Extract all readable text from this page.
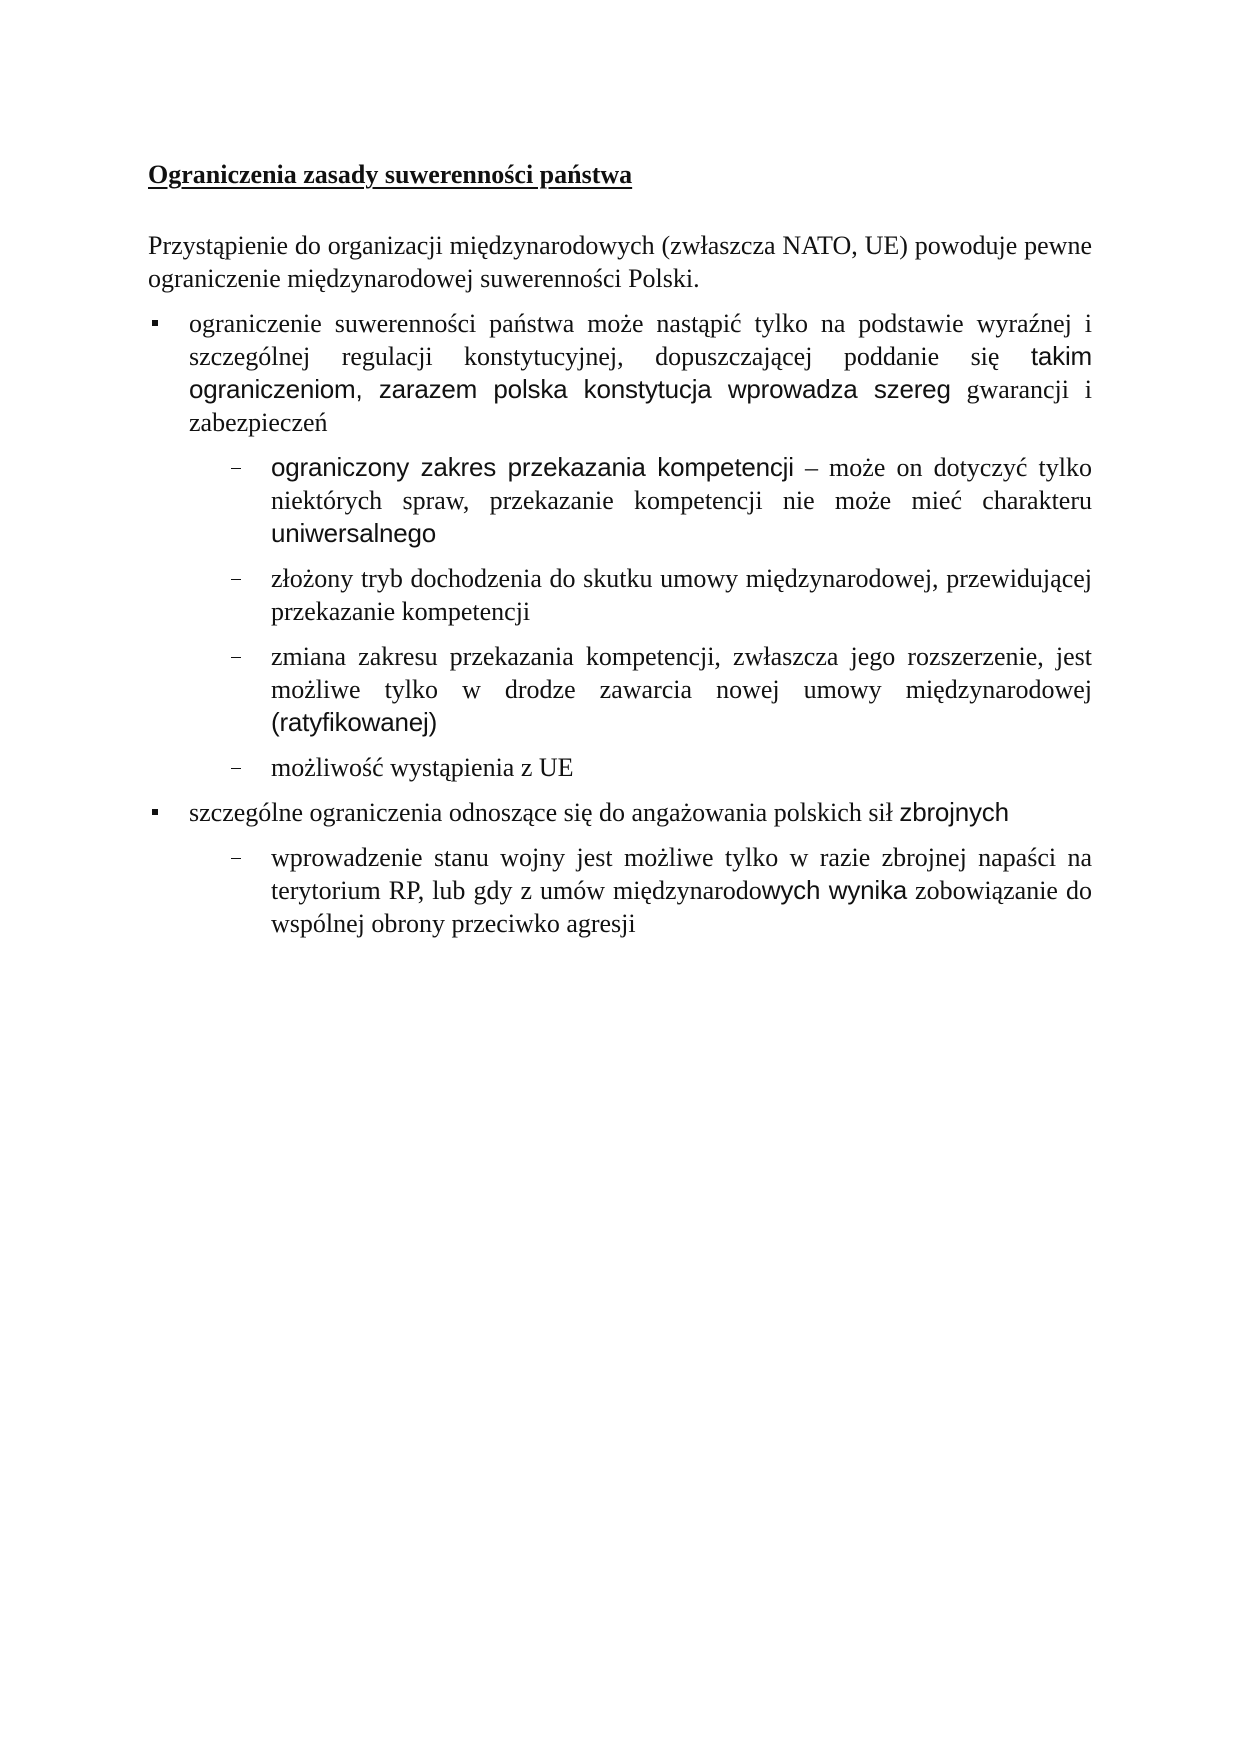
Ograniczenia zasady suwerenności państwa
Przystąpienie do organizacji międzynarodowych (zwłaszcza NATO, UE) powoduje pewne ograniczenie międzynarodowej suwerenności Polski.
ograniczenie suwerenności państwa może nastąpić tylko na podstawie wyraźnej i szczególnej regulacji konstytucyjnej, dopuszczającej poddanie się takim ograniczeniom, zarazem polska konstytucja wprowadza szereg gwarancji i zabezpieczeń
ograniczony zakres przekazania kompetencji – może on dotyczyć tylko niektórych spraw, przekazanie kompetencji nie może mieć charakteru uniwersalnego
złożony tryb dochodzenia do skutku umowy międzynarodowej, przewidującej przekazanie kompetencji
zmiana zakresu przekazania kompetencji, zwłaszcza jego rozszerzenie, jest możliwe tylko w drodze zawarcia nowej umowy międzynarodowej (ratyfikowanej)
możliwość wystąpienia z UE
szczególne ograniczenia odnoszące się do angażowania polskich sił zbrojnych
wprowadzenie stanu wojny jest możliwe tylko w razie zbrojnej napaści na terytorium RP, lub gdy z umów międzynarodowych wynika zobowiązanie do wspólnej obrony przeciwko agresji
